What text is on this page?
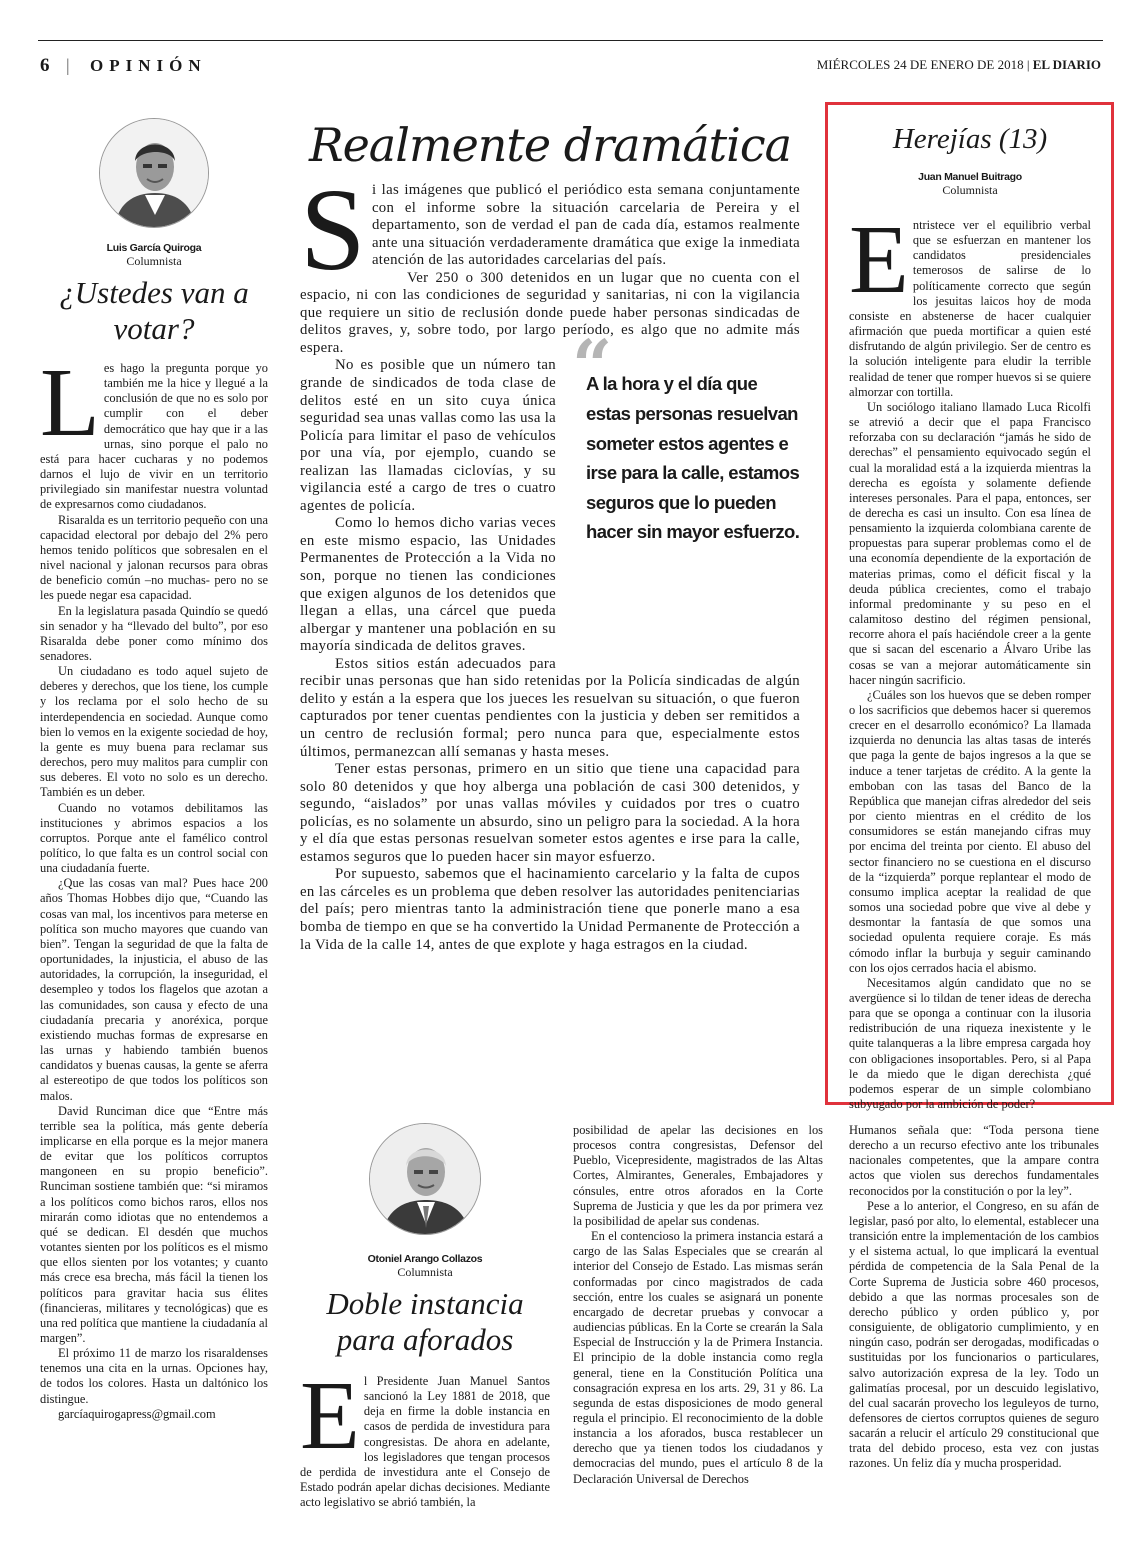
6 | OPINIÓN	MIÉRCOLES 24 DE ENERO DE 2018 | EL DIARIO
Luis García Quiroga
Columnista
¿Ustedes van a votar?

Les hago la pregunta porque yo también me la hice y llegué a la conclusión de que no es solo por cumplir con el deber democrático que hay que ir a las urnas, sino porque el palo no está para hacer cucharas y no podemos darnos el lujo de vivir en un territorio privilegiado sin manifestar nuestra voluntad de expresarnos como ciudadanos.

Risaralda es un territorio pequeño con una capacidad electoral por debajo del 2% pero hemos tenido políticos que sobresalen en el nivel nacional y jalonan recursos para obras de beneficio común –no muchas- pero no se les puede negar esa capacidad.

En la legislatura pasada Quindío se quedó sin senador y ha “llevado del bulto”, por eso Risaralda debe poner como mínimo dos senadores.

Un ciudadano es todo aquel sujeto de deberes y derechos, que los tiene, los cumple y los reclama por el solo hecho de su interdependencia en sociedad. Aunque como bien lo vemos en la exigente sociedad de hoy, la gente es muy buena para reclamar sus derechos, pero muy malitos para cumplir con sus deberes. El voto no solo es un derecho. También es un deber.

Cuando no votamos debilitamos las instituciones y abrimos espacios a los corruptos. Porque ante el famélico control político, lo que falta es un control social con una ciudadanía fuerte.

¿Que las cosas van mal? Pues hace 200 años Thomas Hobbes dijo que, “Cuando las cosas van mal, los incentivos para meterse en política son mucho mayores que cuando van bien”. Tengan la seguridad de que la falta de oportunidades, la injusticia, el abuso de las autoridades, la corrupción, la inseguridad, el desempleo y todos los flagelos que azotan a las comunidades, son causa y efecto de una ciudadanía precaria y anoréxica, porque existiendo muchas formas de expresarse en las urnas y habiendo también buenos candidatos y buenas causas, la gente se aferra al estereotipo de que todos los políticos son malos.

David Runciman dice que “Entre más terrible sea la política, más gente debería implicarse en ella porque es la mejor manera de evitar que los políticos corruptos mangoneen en su propio beneficio”. Runciman sostiene también que: “si miramos a los políticos como bichos raros, ellos nos mirarán como idiotas que no entendemos a qué se dedican. El desdén que muchos votantes sienten por los políticos es el mismo que ellos sienten por los votantes; y cuanto más crece esa brecha, más fácil la tienen los políticos para gravitar hacia sus élites (financieras, militares y tecnológicas) que es una red política que mantiene la ciudadanía al margen”.

El próximo 11 de marzo los risaraldenses tenemos una cita en la urnas. Opciones hay, de todos los colores. Hasta un daltónico los distingue.

garcíaquirogapress@gmail.com

Realmente dramática

Si las imágenes que publicó el periódico esta semana conjuntamente con el informe sobre la situación carcelaria de Pereira y el departamento, son de verdad el pan de cada día, estamos realmente ante una situación verdaderamente dramática que exige la inmediata atención de las autoridades carcelarias del país.

Ver 250 o 300 detenidos en un lugar que no cuenta con el espacio, ni con las condiciones de seguridad y sanitarias, ni con la vigilancia que requiere un sitio de reclusión donde puede haber personas sindicadas de delitos graves, y, sobre todo, por largo período, es algo que no admite más espera.	“
A la hora y el día que estas personas resuelvan someter estos agentes e irse para la calle, estamos seguros que lo pueden hacer sin mayor esfuerzo.

No es posible que un número tan grande de sindicados de toda clase de delitos esté en un sito cuya única seguridad sea unas vallas como las usa la Policía para limitar el paso de vehículos por una vía, por ejemplo, cuando se realizan las llamadas ciclovías, y su vigilancia esté a cargo de tres o cuatro agentes de policía.

Como lo hemos dicho varias veces en este mismo espacio, las Unidades Permanentes de Protección a la Vida no son, porque no tienen las condiciones que exigen algunos de los detenidos que llegan a ellas, una cárcel que pueda albergar y mantener una población en su mayoría sindicada de delitos graves.

Estos sitios están adecuados para recibir unas personas que han sido retenidas por la Policía sindicadas de algún delito y están a la espera que los jueces les resuelvan su situación, o que fueron capturados por tener cuentas pendientes con la justicia y deben ser remitidos a un centro de reclusión formal; pero nunca para que, especialmente estos últimos, permanezcan allí semanas y hasta meses.

Tener estas personas, primero en un sitio que tiene una capacidad para solo 80 detenidos y que hoy alberga una población de casi 300 detenidos, y segundo, “aislados” por unas vallas móviles y cuidados por tres o cuatro policías, es no solamente un absurdo, sino un peligro para la sociedad. A la hora y el día que estas personas resuelvan someter estos agentes e irse para la calle, estamos seguros que lo pueden hacer sin mayor esfuerzo.

Por supuesto, sabemos que el hacinamiento carcelario y la falta de cupos en las cárceles es un problema que deben resolver las autoridades penitenciarias del país; pero mientras tanto la administración tiene que ponerle mano a esa bomba de tiempo en que se ha convertido la Unidad Permanente de Protección a la Vida de la calle 14, antes de que explote y haga estragos en la ciudad.

Herejías (13)
Juan Manuel Buitrago
Columnista

Entristece ver el equilibrio verbal que se esfuerzan en mantener los candidatos presidenciales temerosos de salirse de lo políticamente correcto que según los jesuitas laicos hoy de moda consiste en abstenerse de hacer cualquier afirmación que pueda mortificar a quien esté disfrutando de algún privilegio. Ser de centro es la solución inteligente para eludir la terrible realidad de tener que romper huevos si se quiere almorzar con tortilla.

Un sociólogo italiano llamado Luca Ricolfi se atrevió a decir que el papa Francisco reforzaba con su declaración “jamás he sido de derechas” el pensamiento equivocado según el cual la moralidad está a la izquierda mientras la derecha es egoísta y solamente defiende intereses personales. Para el papa, entonces, ser de derecha es casi un insulto. Con esa línea de pensamiento la izquierda colombiana carente de propuestas para superar problemas como el de una economía dependiente de la exportación de materias primas, como el déficit fiscal y la deuda pública crecientes, como el trabajo informal predominante y su peso en el calamitoso destino del régimen pensional, recorre ahora el país haciéndole creer a la gente que si sacan del escenario a Álvaro Uribe las cosas se van a mejorar automáticamente sin hacer ningún sacrificio.

¿Cuáles son los huevos que se deben romper o los sacrificios que debemos hacer si queremos crecer en el desarrollo económico? La llamada izquierda no denuncia las altas tasas de interés que paga la gente de bajos ingresos a la que se induce a tener tarjetas de crédito. A la gente la emboban con las tasas del Banco de la República que manejan cifras alrededor del seis por ciento mientras en el crédito de los consumidores se están manejando cifras muy por encima del treinta por ciento. El abuso del sector financiero no se cuestiona en el discurso de la “izquierda” porque replantear el modo de consumo implica aceptar la realidad de que somos una sociedad pobre que vive al debe y desmontar la fantasía de que somos una sociedad opulenta requiere coraje. Es más cómodo inflar la burbuja y seguir caminando con los ojos cerrados hacia el abismo.

Necesitamos algún candidato que no se avergüence si lo tildan de tener ideas de derecha para que se oponga a continuar con la ilusoria redistribución de una riqueza inexistente y le quite talanqueras a la libre empresa cargada hoy con obligaciones insoportables. Pero, si al Papa le da miedo que le digan derechista ¿qué podemos esperar de un simple colombiano subyugado por la ambición de poder?

Otoniel Arango Collazos
Columnista
Doble instancia para aforados

El Presidente Juan Manuel Santos sancionó la Ley 1881 de 2018, que deja en firme la doble instancia en casos de perdida de investidura para congresistas. De ahora en adelante, los legisladores que tengan procesos de perdida de investidura ante el Consejo de Estado podrán apelar dichas decisiones. Mediante acto legislativo se abrió también, la

posibilidad de apelar las decisiones en los procesos contra congresistas, Defensor del Pueblo, Vicepresidente, magistrados de las Altas Cortes, Almirantes, Generales, Embajadores y cónsules, entre otros aforados en la Corte Suprema de Justicia y que les da por primera vez la posibilidad de apelar sus condenas.

En el contencioso la primera instancia estará a cargo de las Salas Especiales que se crearán al interior del Consejo de Estado. Las mismas serán conformadas por cinco magistrados de cada sección, entre los cuales se asignará un ponente encargado de decretar pruebas y convocar a audiencias públicas. En la Corte se crearán la Sala Especial de Instrucción y la de Primera Instancia. El principio de la doble instancia como regla general, tiene en la Constitución Política una consagración expresa en los arts. 29, 31 y 86. La segunda de estas disposiciones de modo general regula el principio. El reconocimiento de la doble instancia a los aforados, busca restablecer un derecho que ya tienen todos los ciudadanos y democracias del mundo, pues el artículo 8 de la Declaración Universal de Derechos

Humanos señala que: “Toda persona tiene derecho a un recurso efectivo ante los tribunales nacionales competentes, que la ampare contra actos que violen sus derechos fundamentales reconocidos por la constitución o por la ley”.

Pese a lo anterior, el Congreso, en su afán de legislar, pasó por alto, lo elemental, establecer una transición entre la implementación de los cambios y el sistema actual, lo que implicará la eventual pérdida de competencia de la Sala Penal de la Corte Suprema de Justicia sobre 460 procesos, debido a que las normas procesales son de derecho público y orden público y, por consiguiente, de obligatorio cumplimiento, y en ningún caso, podrán ser derogadas, modificadas o sustituidas por los funcionarios o particulares, salvo autorización expresa de la ley. Todo un galimatías procesal, por un descuido legislativo, del cual sacarán provecho los leguleyos de turno, defensores de ciertos corruptos quienes de seguro sacarán a relucir el artículo 29 constitucional que trata del debido proceso, esta vez con justas razones. Un feliz día y mucha prosperidad.
